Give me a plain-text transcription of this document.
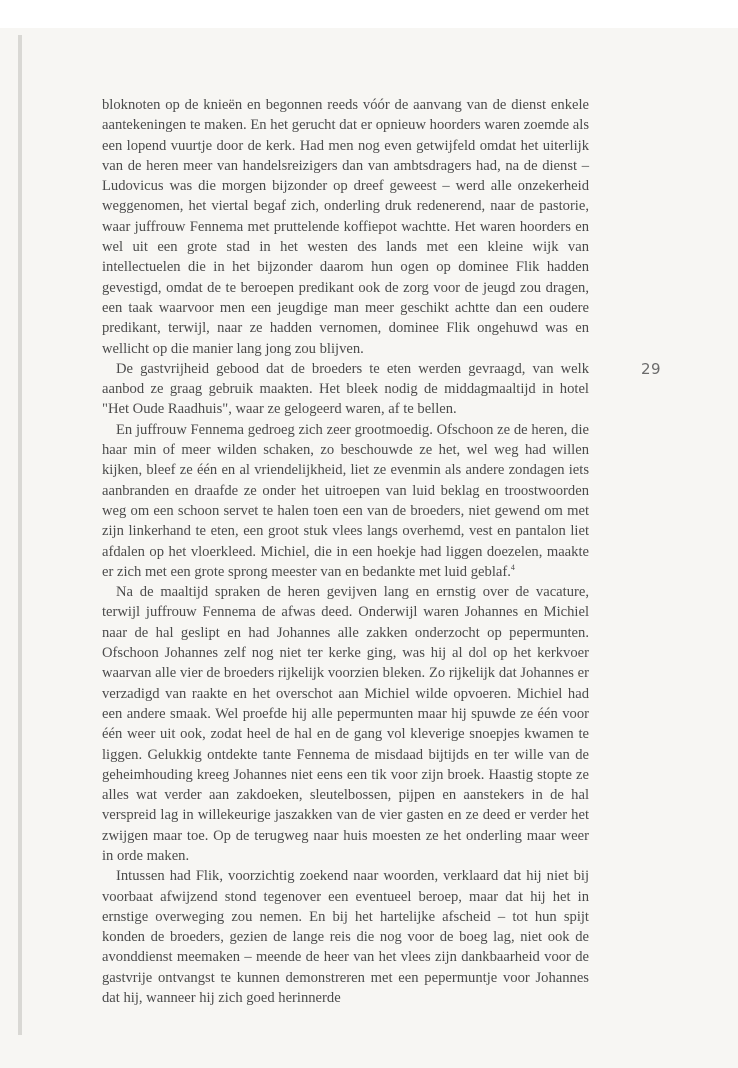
bloknoten op de knieën en begonnen reeds vóór de aanvang van de dienst enkele aantekeningen te maken. En het gerucht dat er opnieuw hoorders waren zoemde als een lopend vuurtje door de kerk. Had men nog even getwijfeld omdat het uiterlijk van de heren meer van handelsreizigers dan van ambtsdragers had, na de dienst – Ludovicus was die morgen bijzonder op dreef geweest – werd alle onzekerheid weggenomen, het viertal begaf zich, onderling druk redenerend, naar de pastorie, waar juffrouw Fennema met pruttelende koffiepot wachtte. Het waren hoorders en wel uit een grote stad in het westen des lands met een kleine wijk van intellectuelen die in het bijzonder daarom hun ogen op dominee Flik hadden gevestigd, omdat de te beroepen predikant ook de zorg voor de jeugd zou dragen, een taak waarvoor men een jeugdige man meer geschikt achtte dan een oudere predikant, terwijl, naar ze hadden vernomen, dominee Flik ongehuwd was en wellicht op die manier lang jong zou blijven.

De gastvrijheid gebood dat de broeders te eten werden gevraagd, van welk aanbod ze graag gebruik maakten. Het bleek nodig de middagmaaltijd in hotel "Het Oude Raadhuis", waar ze gelogeerd waren, af te bellen.

En juffrouw Fennema gedroeg zich zeer grootmoedig. Ofschoon ze de heren, die haar min of meer wilden schaken, zo beschouwde ze het, wel weg had willen kijken, bleef ze één en al vriendelijkheid, liet ze evenmin als andere zondagen iets aanbranden en draafde ze onder het uitroepen van luid beklag en troostwoorden weg om een schoon servet te halen toen een van de broeders, niet gewend om met zijn linkerhand te eten, een groot stuk vlees langs overhemd, vest en pantalon liet afdalen op het vloerkleed. Michiel, die in een hoekje had liggen doezelen, maakte er zich met een grote sprong meester van en bedankte met luid geblaf.$^4$

Na de maaltijd spraken de heren gevijven lang en ernstig over de vacature, terwijl juffrouw Fennema de afwas deed. Onderwijl waren Johannes en Michiel naar de hal geslipt en had Johannes alle zakken onderzocht op pepermunten. Ofschoon Johannes zelf nog niet ter kerke ging, was hij al dol op het kerkvoer waarvan alle vier de broeders rijkelijk voorzien bleken. Zo rijkelijk dat Johannes er verzadigd van raakte en het overschot aan Michiel wilde opvoeren. Michiel had een andere smaak. Wel proefde hij alle pepermunten maar hij spuwde ze één voor één weer uit ook, zodat heel de hal en de gang vol kleverige snoepjes kwamen te liggen. Gelukkig ontdekte tante Fennema de misdaad bijtijds en ter wille van de geheimhouding kreeg Johannes niet eens een tik voor zijn broek. Haastig stopte ze alles wat verder aan zakdoeken, sleutelbossen, pijpen en aanstekers in de hal verspreid lag in willekeurige jaszakken van de vier gasten en ze deed er verder het zwijgen maar toe. Op de terugweg naar huis moesten ze het onderling maar weer in orde maken.

Intussen had Flik, voorzichtig zoekend naar woorden, verklaard dat hij niet bij voorbaat afwijzend stond tegenover een eventueel beroep, maar dat hij het in ernstige overweging zou nemen. En bij het hartelijke afscheid – tot hun spijt konden de broeders, gezien de lange reis die nog voor de boeg lag, niet ook de avonddienst meemaken – meende de heer van het vlees zijn dankbaarheid voor de gastvrije ontvangst te kunnen demonstreren met een pepermuntje voor Johannes dat hij, wanneer hij zich goed herinnerde

29
